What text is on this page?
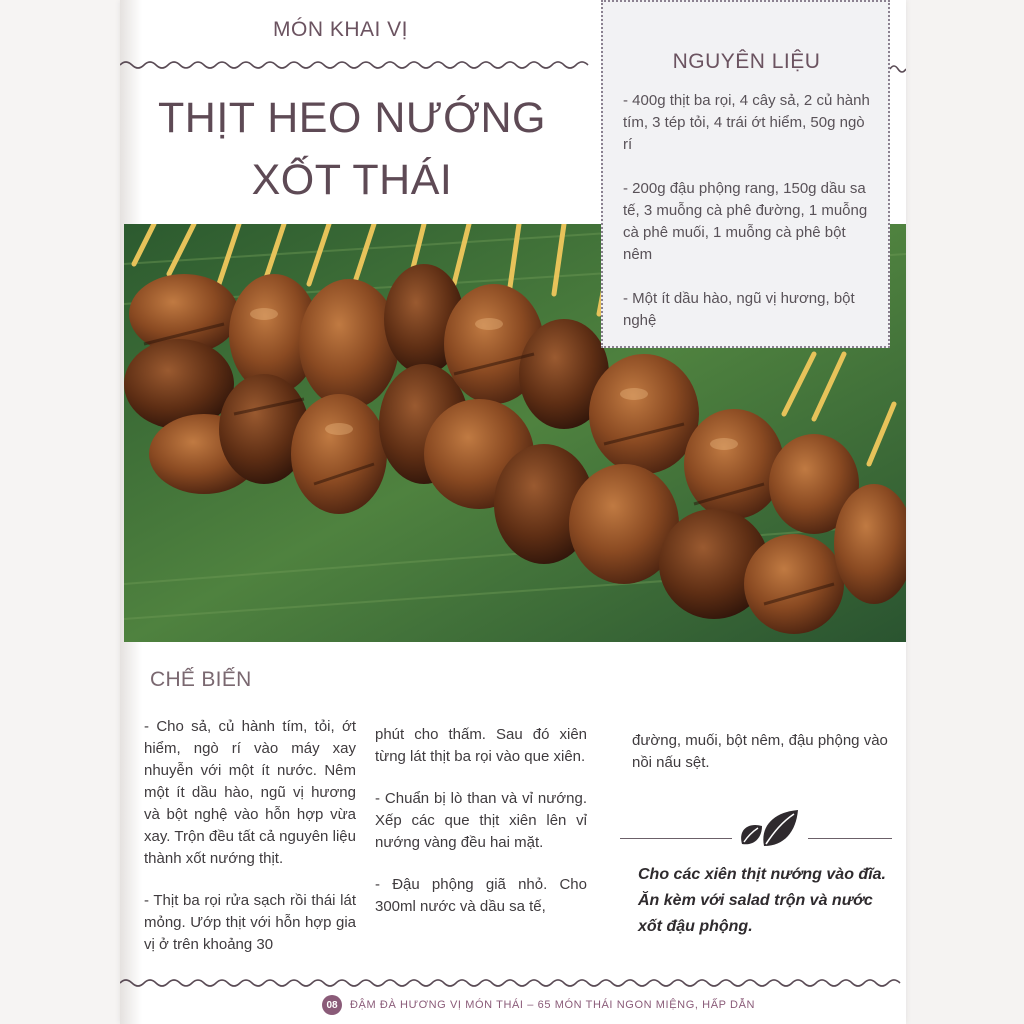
MÓN KHAI VỊ
THỊT HEO NƯỚNG
XỐT THÁI
NGUYÊN LIỆU
- 400g thịt ba rọi, 4 cây sả, 2 củ hành tím, 3 tép tỏi, 4 trái ớt hiểm, 50g ngò rí
- 200g đậu phộng rang, 150g dầu sa tế, 3 muỗng cà phê đường, 1 muỗng cà phê muối, 1 muỗng cà phê bột nêm
- Một ít dầu hào, ngũ vị hương, bột nghệ
CHẾ BIẾN

- Cho sả, củ hành tím, tỏi, ớt hiểm, ngò rí vào máy xay nhuyễn với một ít nước. Nêm một ít dầu hào, ngũ vị hương và bột nghệ vào hỗn hợp vừa xay. Trộn đều tất cả nguyên liệu thành xốt nướng thịt.

- Thịt ba rọi rửa sạch rồi thái lát mỏng. Ướp thịt với hỗn hợp gia vị ở trên khoảng 30

phút cho thấm. Sau đó xiên từng lát thịt ba rọi vào que xiên.

- Chuẩn bị lò than và vỉ nướng. Xếp các que thịt xiên lên vỉ nướng vàng đều hai mặt.

- Đậu phộng giã nhỏ. Cho 300ml nước và dầu sa tế,

đường, muối, bột nêm, đậu phộng vào nồi nấu sệt.

Cho các xiên thịt nướng vào đĩa. Ăn kèm với salad trộn và nước xốt đậu phộng.
08	ĐẬM ĐÀ HƯƠNG VỊ MÓN THÁI – 65 MÓN THÁI NGON MIỆNG, HẤP DẪN
